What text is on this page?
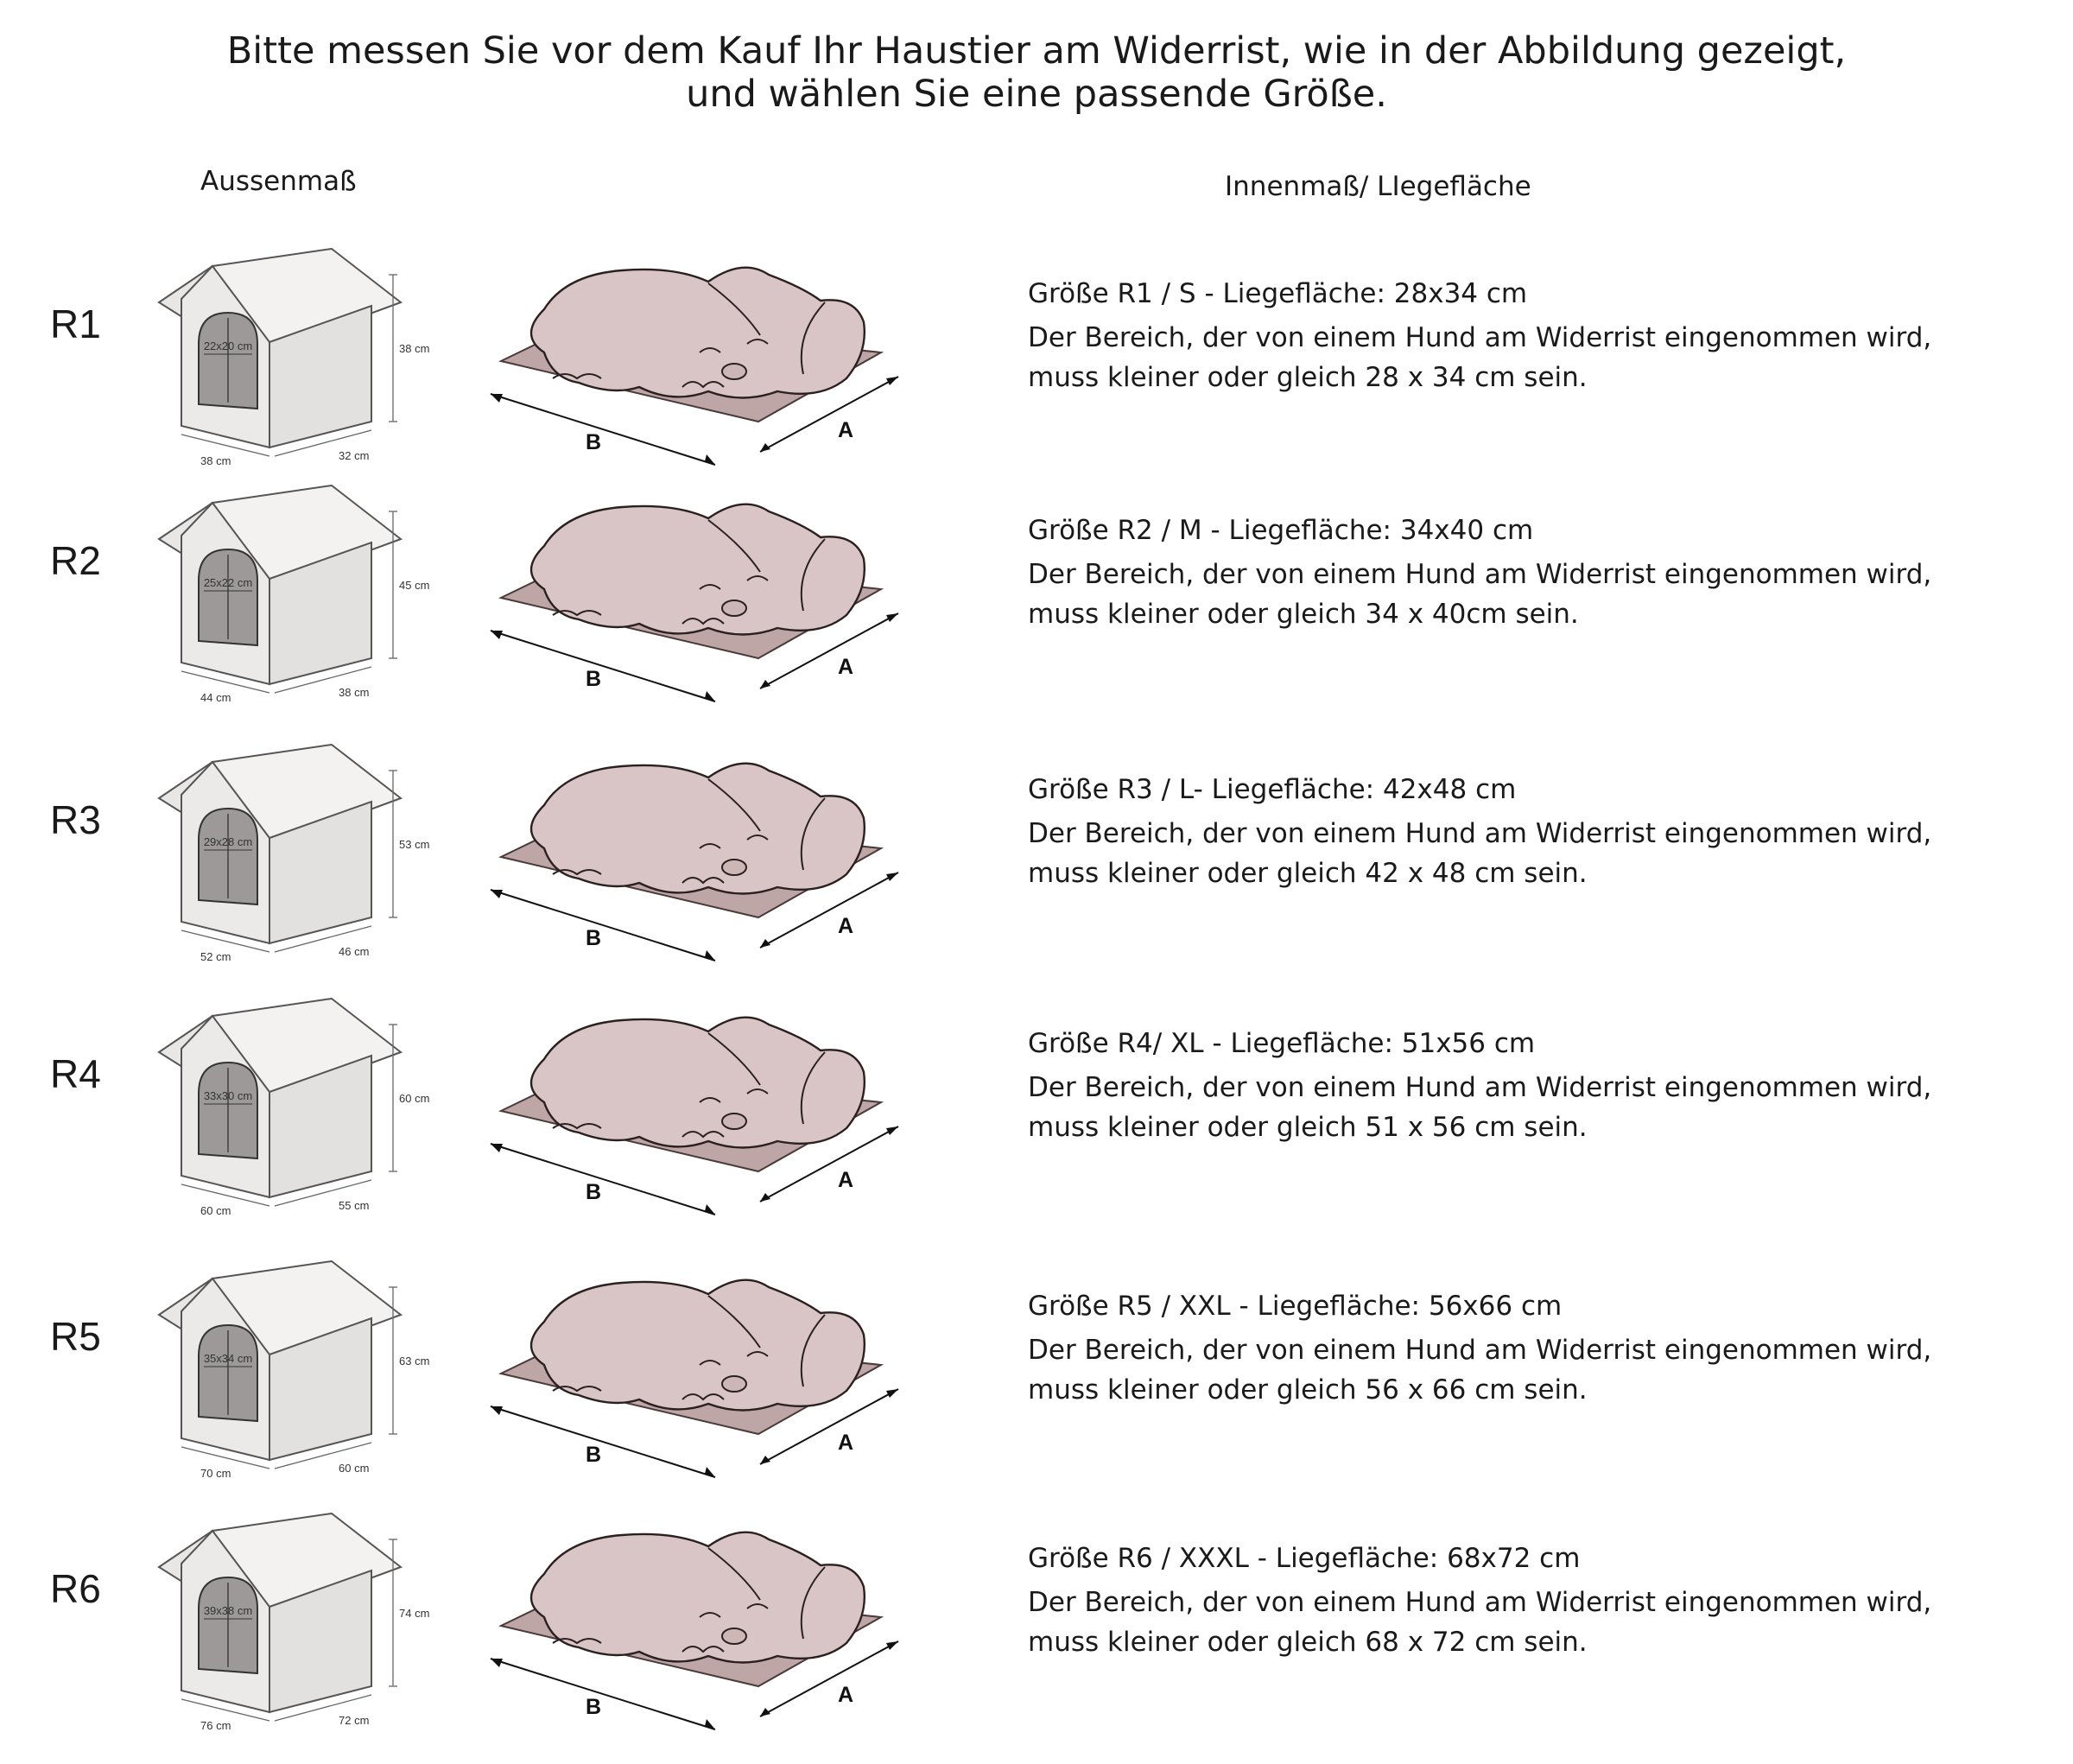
Bitte messen Sie vor dem Kauf Ihr Haustier am Widerrist, wie in der Abbildung gezeigt,
und wählen Sie eine passende Größe.
Aussenmaß	Innenmaß/ LIegefläche
R1	22x20 cm	38 cm
38 cm	32 cm
B	A
Größe R1 / S - Liegefläche: 28x34 cm
Der Bereich, der von einem Hund am Widerrist eingenommen wird,
muss kleiner oder gleich 28 x 34 cm sein.
R2	25x22 cm	45 cm
44 cm	38 cm
B	A
Größe R2 / M - Liegefläche: 34x40 cm
Der Bereich, der von einem Hund am Widerrist eingenommen wird,
muss kleiner oder gleich 34 x 40cm sein.
R3	29x28 cm	53 cm
52 cm	46 cm
B	A
Größe R3 / L- Liegefläche: 42x48 cm
Der Bereich, der von einem Hund am Widerrist eingenommen wird,
muss kleiner oder gleich 42 x 48 cm sein.
R4	33x30 cm	60 cm
60 cm	55 cm
B	A
Größe R4/ XL - Liegefläche: 51x56 cm
Der Bereich, der von einem Hund am Widerrist eingenommen wird,
muss kleiner oder gleich 51 x 56 cm sein.
R5	35x34 cm	63 cm
70 cm	60 cm
B	A
Größe R5 / XXL - Liegefläche: 56x66 cm
Der Bereich, der von einem Hund am Widerrist eingenommen wird,
muss kleiner oder gleich 56 x 66 cm sein.
R6	39x38 cm	74 cm
76 cm	72 cm
B	A
Größe R6 / XXXL - Liegefläche: 68x72 cm
Der Bereich, der von einem Hund am Widerrist eingenommen wird,
muss kleiner oder gleich 68 x 72 cm sein.
